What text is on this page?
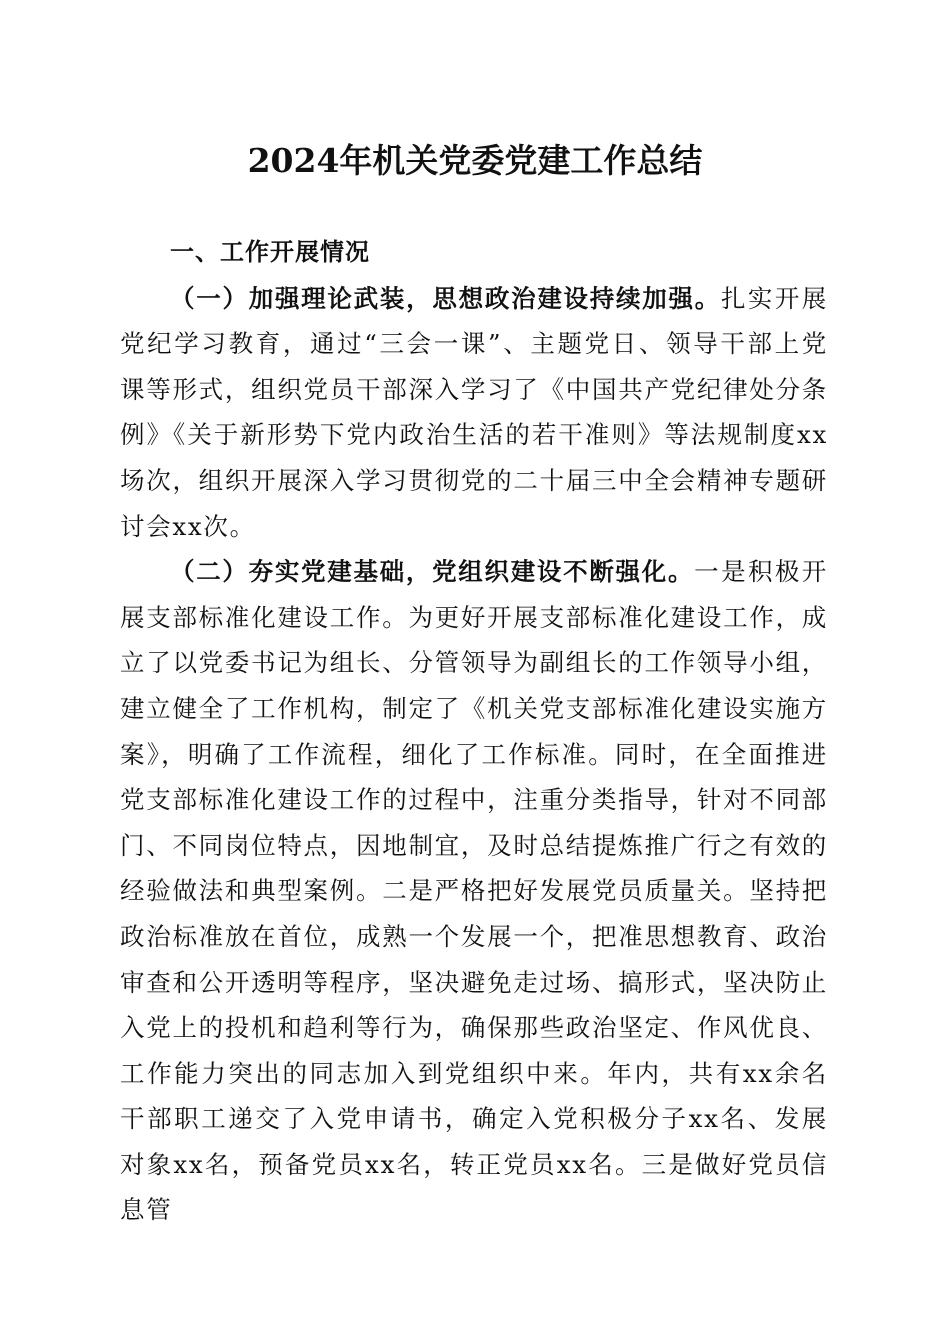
2024年机关党委党建工作总结
一、工作开展情况

（一）加强理论武装，思想政治建设持续加强。扎实开展党纪学习教育，通过“三会一课”、主题党日、领导干部上党课等形式，组织党员干部深入学习了《中国共产党纪律处分条例》《关于新形势下党内政治生活的若干准则》等法规制度xx场次，组织开展深入学习贯彻党的二十届三中全会精神专题研讨会xx次。

（二）夯实党建基础，党组织建设不断强化。一是积极开展支部标准化建设工作。为更好开展支部标准化建设工作，成立了以党委书记为组长、分管领导为副组长的工作领导小组，建立健全了工作机构，制定了《机关党支部标准化建设实施方案》，明确了工作流程，细化了工作标准。同时，在全面推进党支部标准化建设工作的过程中，注重分类指导，针对不同部门、不同岗位特点，因地制宜，及时总结提炼推广行之有效的经验做法和典型案例。二是严格把好发展党员质量关。坚持把政治标准放在首位，成熟一个发展一个，把准思想教育、政治审查和公开透明等程序，坚决避免走过场、搞形式，坚决防止入党上的投机和趋利等行为，确保那些政治坚定、作风优良、工作能力突出的同志加入到党组织中来。年内，共有xx余名干部职工递交了入党申请书，确定入党积极分子xx名、发展对象xx名，预备党员xx名，转正党员xx名。三是做好党员信息管
